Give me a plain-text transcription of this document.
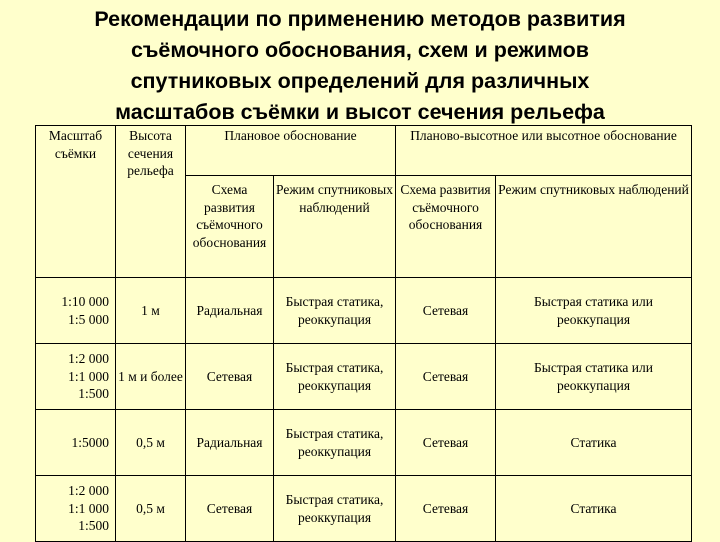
Рекомендации по применению методов развития
съёмочного обоснования, схем и режимов
спутниковых определений для различных
масштабов съёмки и высот сечения рельефа
Масштаб съёмки	Высота сечения рельефа	Плановое обоснование		Планово-высотное или высотное обоснование	

		Схема развития съёмочного обоснования	Режим спутниковых наблюдений	Схема развития съёмочного обоснования	Режим спутниковых наблюдений

1:10 000
1:5 000	1 м	Радиальная	Быстрая статика, реоккупация	Сетевая	Быстрая статика или реоккупация
1:2 000
1:1 000
1:500	1 м и более	Сетевая	Быстрая статика, реоккупация	Сетевая	Быстрая статика или реоккупация
1:5000	0,5 м	Радиальная	Быстрая статика, реоккупация	Сетевая	Статика
1:2 000
1:1 000
1:500	0,5 м	Сетевая	Быстрая статика, реоккупация	Сетевая	Статика
